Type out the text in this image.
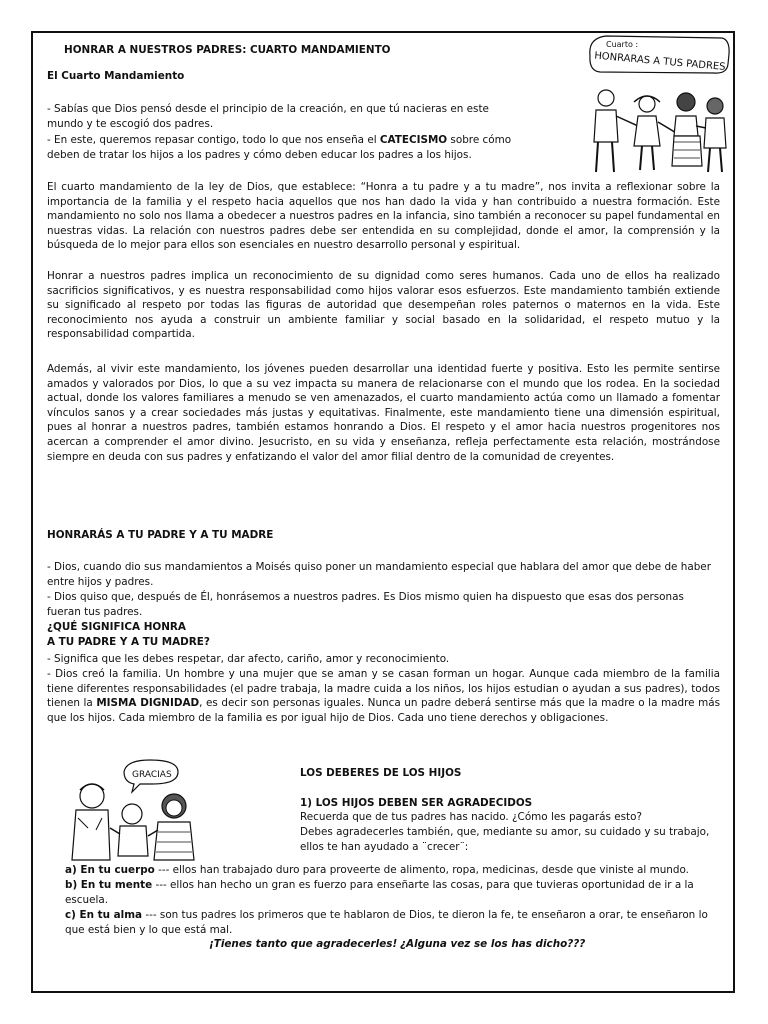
HONRAR A NUESTROS PADRES: CUARTO MANDAMIENTO
El Cuarto Mandamiento
- Sabías que Dios pensó desde el principio de la creación, en que tú nacieras en este mundo y te escogió dos padres.
- En este, queremos repasar contigo, todo lo que nos enseña el CATECISMO sobre cómo deben de tratar los hijos a los padres y cómo deben educar los padres a los hijos.
Cuarto :
HONRARAS A TUS PADRES
El cuarto mandamiento de la ley de Dios, que establece: “Honra a tu padre y a tu madre”, nos invita a reflexionar sobre la importancia de la familia y el respeto hacia aquellos que nos han dado la vida y han contribuido a nuestra formación. Este mandamiento no solo nos llama a obedecer a nuestros padres en la infancia, sino también a reconocer su papel fundamental en nuestras vidas. La relación con nuestros padres debe ser entendida en su complejidad, donde el amor, la comprensión y la búsqueda de lo mejor para ellos son esenciales en nuestro desarrollo personal y espiritual.
Honrar a nuestros padres implica un reconocimiento de su dignidad como seres humanos. Cada uno de ellos ha realizado sacrificios significativos, y es nuestra responsabilidad como hijos valorar esos esfuerzos. Este mandamiento también extiende su significado al respeto por todas las figuras de autoridad que desempeñan roles paternos o maternos en la vida. Este reconocimiento nos ayuda a construir un ambiente familiar y social basado en la solidaridad, el respeto mutuo y la responsabilidad compartida.
Además, al vivir este mandamiento, los jóvenes pueden desarrollar una identidad fuerte y positiva. Esto les permite sentirse amados y valorados por Dios, lo que a su vez impacta su manera de relacionarse con el mundo que los rodea. En la sociedad actual, donde los valores familiares a menudo se ven amenazados, el cuarto mandamiento actúa como un llamado a fomentar vínculos sanos y a crear sociedades más justas y equitativas. Finalmente, este mandamiento tiene una dimensión espiritual, pues al honrar a nuestros padres, también estamos honrando a Dios. El respeto y el amor hacia nuestros progenitores nos acercan a comprender el amor divino. Jesucristo, en su vida y enseñanza, refleja perfectamente esta relación, mostrándose siempre en deuda con sus padres y enfatizando el valor del amor filial dentro de la comunidad de creyentes.
HONRARÁS A TU PADRE Y A TU MADRE
- Dios, cuando dio sus mandamientos a Moisés quiso poner un mandamiento especial que hablara del amor que debe de haber entre hijos y padres.
- Dios quiso que, después de Él, honrásemos a nuestros padres. Es Dios mismo quien ha dispuesto que esas dos personas fueran tus padres.
¿QUÉ SIGNIFICA HONRA
A TU PADRE Y A TU MADRE?
- Significa que les debes respetar, dar afecto, cariño, amor y reconocimiento.
- Dios creó la familia. Un hombre y una mujer que se aman y se casan forman un hogar. Aunque cada miembro de la familia tiene diferentes responsabilidades (el padre trabaja, la madre cuida a los niños, los hijos estudian o ayudan a sus padres), todos tienen la MISMA DIGNIDAD, es decir son personas iguales. Nunca un padre deberá sentirse más que la madre o la madre más que los hijos. Cada miembro de la familia es por igual hijo de Dios. Cada uno tiene derechos y obligaciones.
GRACIAS	LOS DEBERES DE LOS HIJOS
1) LOS HIJOS DEBEN SER AGRADECIDOS
Recuerda que de tus padres has nacido. ¿Cómo les pagarás esto?
Debes agradecerles también, que, mediante su amor, su cuidado y su trabajo,
ellos te han ayudado a ¨crecer¨:
a) En tu cuerpo --- ellos han trabajado duro para proveerte de alimento, ropa, medicinas, desde que viniste al mundo.
b) En tu mente --- ellos han hecho un gran es fuerzo para enseñarte las cosas, para que tuvieras oportunidad de ir a la escuela.
c) En tu alma --- son tus padres los primeros que te hablaron de Dios, te dieron la fe, te enseñaron a orar, te enseñaron lo que está bien y lo que está mal.
¡Tienes tanto que agradecerles! ¿Alguna vez se los has dicho???
